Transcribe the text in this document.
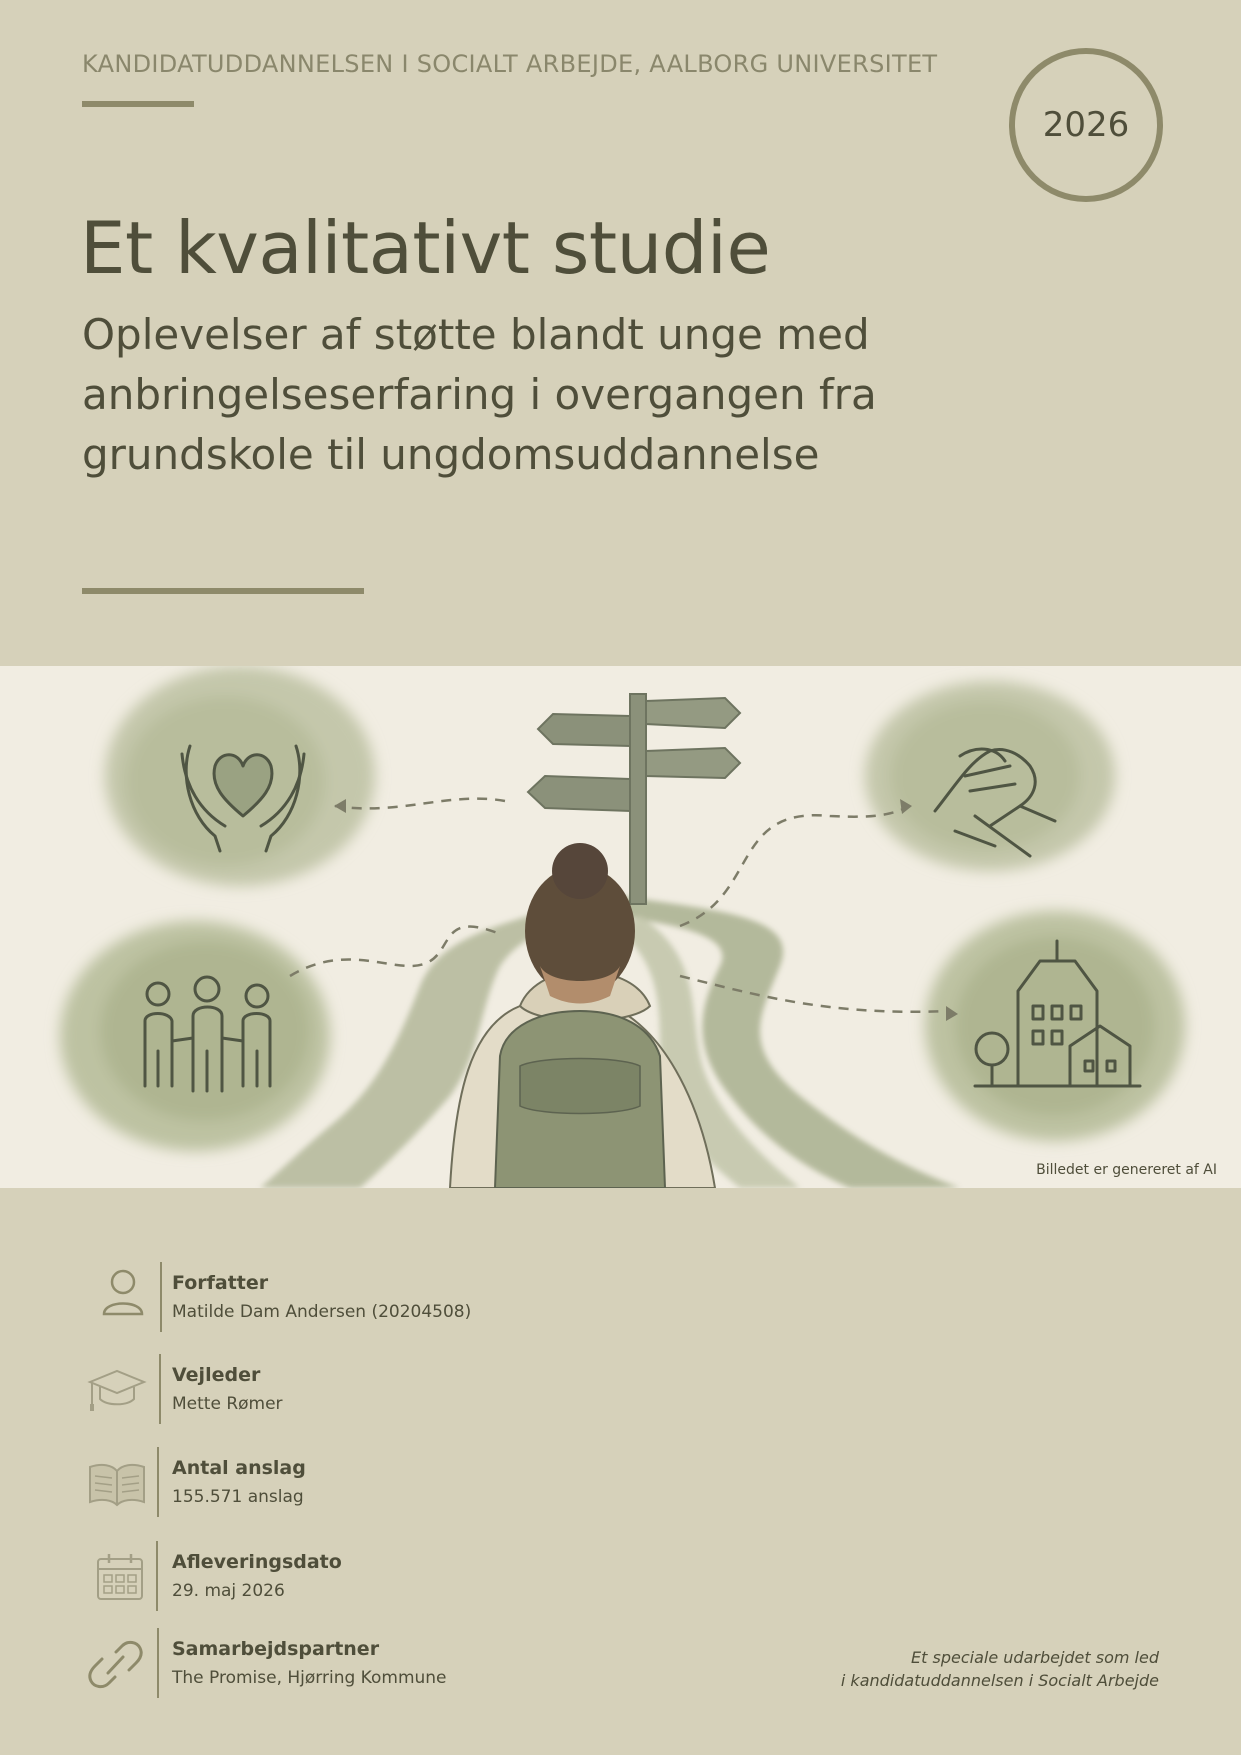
KANDIDATUDDANNELSEN I SOCIALT ARBEJDE, AALBORG UNIVERSITET
2026
Et kvalitativt studie
Oplevelser af støtte blandt unge med anbringelseserfaring i overgangen fra grundskole til ungdomsuddannelse
Billedet er genereret af AI
Forfatter
Matilde Dam Andersen (20204508)
Vejleder
Mette Rømer
Antal anslag
155.571 anslag
Afleveringsdato
29. maj 2026
Samarbejdspartner
The Promise, Hjørring Kommune
Et speciale udarbejdet som led
i kandidatuddannelsen i Socialt Arbejde
